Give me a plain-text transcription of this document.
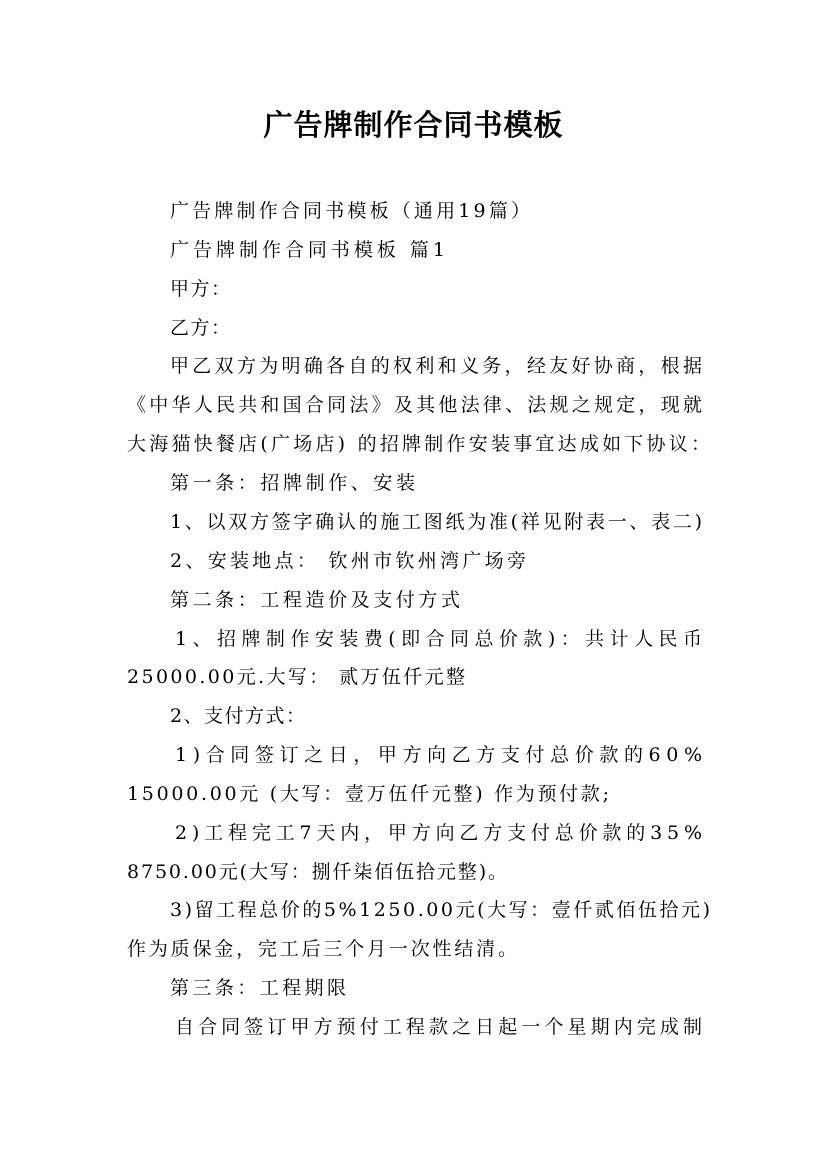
广告牌制作合同书模板
广告牌制作合同书模板（通用19篇）
广告牌制作合同书模板 篇1
甲方：
乙方：
甲乙双方为明确各自的权利和义务，经友好协商，根据
《中华人民共和国合同法》及其他法律、法规之规定，现就
大海猫快餐店(广场店) 的招牌制作安装事宜达成如下协议：
第一条：招牌制作、安装
1、以双方签字确认的施工图纸为准(祥见附表一、表二)
2、安装地点： 钦州市钦州湾广场旁
第二条：工程造价及支付方式
1、招牌制作安装费(即合同总价款)：共计人民币
25000.00元.大写： 贰万伍仟元整
2、支付方式：
1)合同签订之日，甲方向乙方支付总价款的60%
15000.00元 (大写：壹万伍仟元整) 作为预付款;
2)工程完工7天内，甲方向乙方支付总价款的35%
8750.00元(大写：捌仟柒佰伍拾元整)。
3)留工程总价的5%1250.00元(大写：壹仟贰佰伍拾元)
作为质保金，完工后三个月一次性结清。
第三条：工程期限
自合同签订甲方预付工程款之日起一个星期内完成制
